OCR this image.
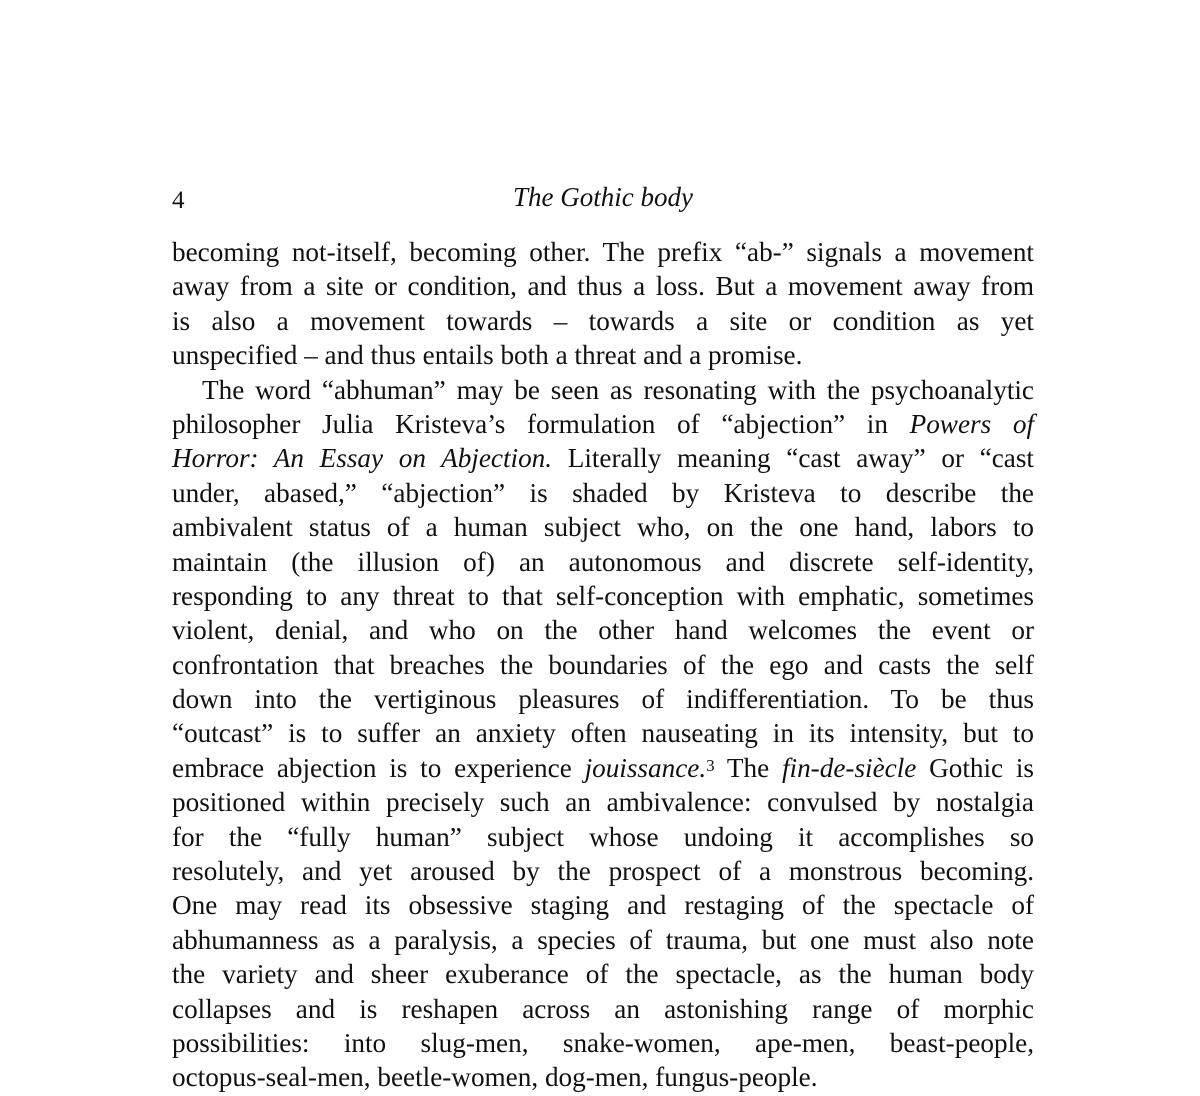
4	The Gothic body
becoming not-itself, becoming other. The prefix “ab-” signals a movement
away from a site or condition, and thus a loss. But a movement away from
is also a movement towards – towards a site or condition as yet
unspecified – and thus entails both a threat and a promise.
The word “abhuman” may be seen as resonating with the psychoanalytic
philosopher Julia Kristeva’s formulation of “abjection” in Powers of
Horror: An Essay on Abjection. Literally meaning “cast away” or “cast
under, abased,” “abjection” is shaded by Kristeva to describe the
ambivalent status of a human subject who, on the one hand, labors to
maintain (the illusion of) an autonomous and discrete self-identity,
responding to any threat to that self-conception with emphatic, sometimes
violent, denial, and who on the other hand welcomes the event or
confrontation that breaches the boundaries of the ego and casts the self
down into the vertiginous pleasures of indifferentiation. To be thus
“outcast” is to suffer an anxiety often nauseating in its intensity, but to
embrace abjection is to experience jouissance.$^3$ The fin-de-siècle Gothic is
positioned within precisely such an ambivalence: convulsed by nostalgia
for the “fully human” subject whose undoing it accomplishes so
resolutely, and yet aroused by the prospect of a monstrous becoming.
One may read its obsessive staging and restaging of the spectacle of
abhumanness as a paralysis, a species of trauma, but one must also note
the variety and sheer exuberance of the spectacle, as the human body
collapses and is reshapen across an astonishing range of morphic
possibilities: into slug-men, snake-women, ape-men, beast-people,
octopus-seal-men, beetle-women, dog-men, fungus-people.
